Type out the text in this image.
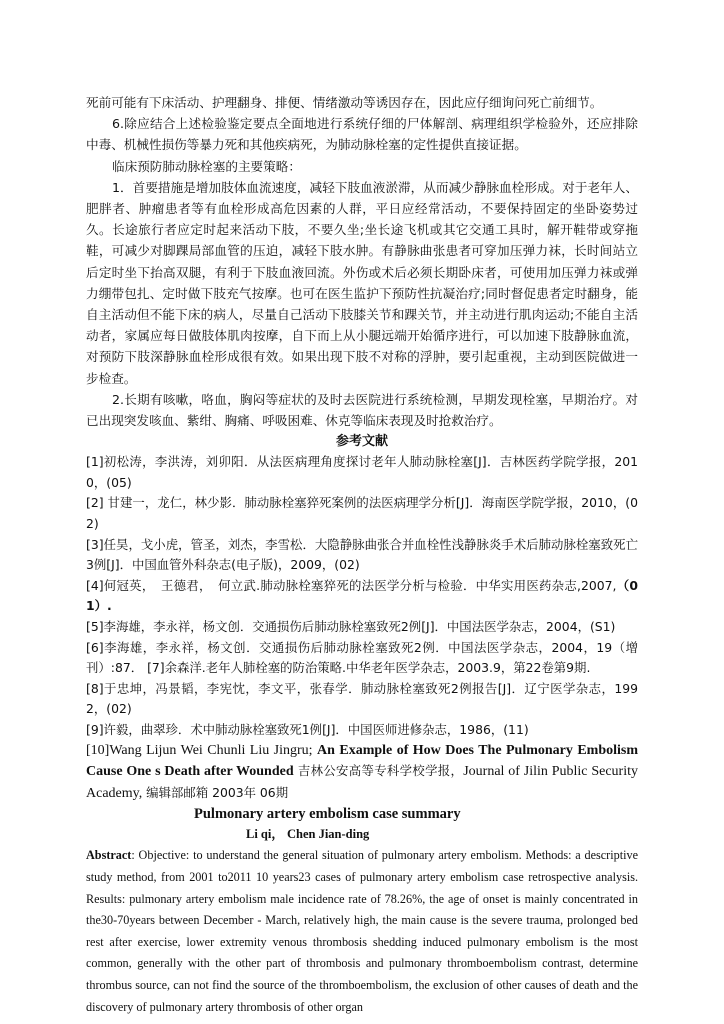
死前可能有下床活动、护理翻身、排便、情绪激动等诱因存在，因此应仔细询问死亡前细节。

6.除应结合上述检验鉴定要点全面地进行系统仔细的尸体解剖、病理组织学检验外，还应排除中毒、机械性损伤等暴力死和其他疾病死，为肺动脉栓塞的定性提供直接证据。

临床预防肺动脉栓塞的主要策略：

1．首要措施是增加肢体血流速度，减轻下肢血液淤滞，从而减少静脉血栓形成。对于老年人、肥胖者、肿瘤患者等有血栓形成高危因素的人群，平日应经常活动，不要保持固定的坐卧姿势过久。长途旅行者应定时起来活动下肢，不要久坐;坐长途飞机或其它交通工具时，解开鞋带或穿拖鞋，可减少对脚踝局部血管的压迫，减轻下肢水肿。有静脉曲张患者可穿加压弹力袜，长时间站立后定时坐下抬高双腿，有利于下肢血液回流。外伤或术后必须长期卧床者，可使用加压弹力袜或弹力绷带包扎、定时做下肢充气按摩。也可在医生监护下预防性抗凝治疗;同时督促患者定时翻身，能自主活动但不能下床的病人，尽量自己活动下肢膝关节和踝关节，并主动进行肌肉运动;不能自主活动者，家属应每日做肢体肌肉按摩，自下而上从小腿远端开始循序进行，可以加速下肢静脉血流，对预防下肢深静脉血栓形成很有效。如果出现下肢不对称的浮肿，要引起重视，主动到医院做进一步检查。

2.长期有咳嗽，咯血，胸闷等症状的及时去医院进行系统检测，早期发现栓塞，早期治疗。对已出现突发咳血、紫绀、胸痛、呼吸困难、休克等临床表现及时抢救治疗。

参考文献

[1]初松涛，李洪涛，刘卯阳．从法医病理角度探讨老年人肺动脉栓塞[J]．吉林医药学院学报，2010，(05)

[2] 甘建一，龙仁，林少影．肺动脉栓塞猝死案例的法医病理学分析[J]．海南医学院学报，2010，(02)

[3]任昊，戈小虎，管圣，刘杰，李雪松．大隐静脉曲张合并血栓性浅静脉炎手术后肺动脉栓塞致死亡3例[J]．中国血管外科杂志(电子版)，2009，(02)

[4]何冠英，　王德君，　何立武.肺动脉栓塞猝死的法医学分析与检验．中华实用医药杂志,2007,（01）.

[5]李海雄，李永祥，杨文创．交通损伤后肺动脉栓塞致死2例[J]．中国法医学杂志，2004，(S1)

[6]李海雄，李永祥，杨文创．交通损伤后肺动脉栓塞致死2例．中国法医学杂志，2004，19（增刊）:87． [7]余森洋.老年人肺栓塞的防治策略.中华老年医学杂志，2003.9，第22卷第9期.

[8]于忠坤，冯景韬，李宪忱，李文平，张春学．肺动脉栓塞致死2例报告[J]．辽宁医学杂志，1992，(02)

[9]许毅，曲翠珍．术中肺动脉栓塞致死1例[J]．中国医师进修杂志，1986，(11)

[10]Wang Lijun Wei Chunli Liu Jingru; An Example of How Does The Pulmonary Embolism Cause One s Death after Wounded 吉林公安高等专科学校学报，Journal of Jilin Public Security Academy, 编辑部邮箱 2003年 06期

Pulmonary artery embolism case summary

Li qi， Chen Jian-ding

Abstract: Objective: to understand the general situation of pulmonary artery embolism. Methods: a descriptive study method, from 2001 to2011 10 years23 cases of pulmonary artery embolism case retrospective analysis. Results: pulmonary artery embolism male incidence rate of 78.26%, the age of onset is mainly concentrated in the30-70years between December - March, relatively high, the main cause is the severe trauma, prolonged bed rest after exercise, lower extremity venous thrombosis shedding induced pulmonary embolism is the most common, generally with the other part of thrombosis and pulmonary thromboembolism contrast, determine thrombus source, can not find the source of the thromboembolism, the exclusion of other causes of death and the discovery of pulmonary artery thrombosis of other organ
